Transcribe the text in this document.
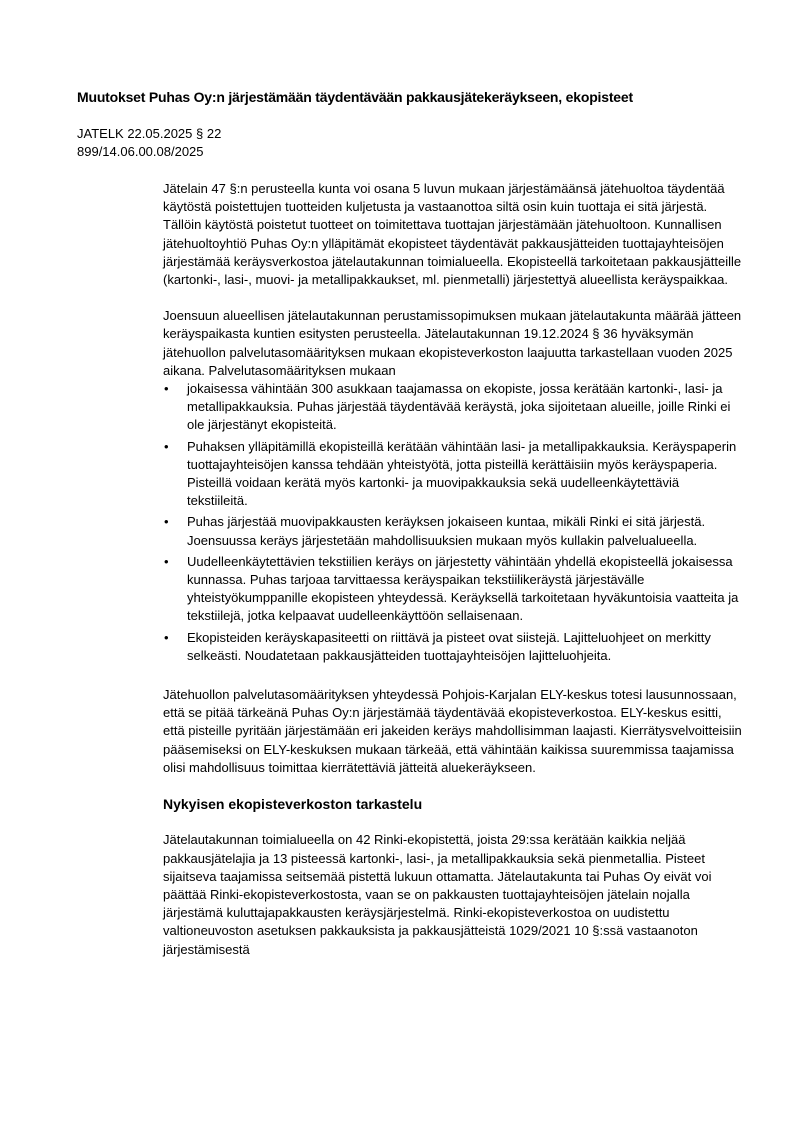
Muutokset Puhas Oy:n järjestämään täydentävään pakkausjätekeräykseen, ekopisteet
JATELK 22.05.2025 § 22
899/14.06.00.08/2025

Jätelain 47 §:n perusteella kunta voi osana 5 luvun mukaan järjestämäänsä jätehuoltoa täydentää käytöstä poistettujen tuotteiden kuljetusta ja vastaanottoa siltä osin kuin tuottaja ei sitä järjestä. Tällöin käytöstä poistetut tuotteet on toimitettava tuottajan järjestämään jätehuoltoon. Kunnallisen jätehuoltoyhtiö Puhas Oy:n ylläpitämät ekopisteet täydentävät pakkausjätteiden tuottajayhteisöjen järjestämää keräysverkostoa jätelautakunnan toimialueella. Ekopisteellä tarkoitetaan pakkausjätteille (kartonki-, lasi-, muovi- ja metallipakkaukset, ml. pienmetalli) järjestettyä alueellista keräyspaikkaa.

Joensuun alueellisen jätelautakunnan perustamissopimuksen mukaan jätelautakunta määrää jätteen keräyspaikasta kuntien esitysten perusteella. Jätelautakunnan 19.12.2024 § 36 hyväksymän jätehuollon palvelutasomäärityksen mukaan ekopisteverkoston laajuutta tarkastellaan vuoden 2025 aikana. Palvelutasomäärityksen mukaan

• jokaisessa vähintään 300 asukkaan taajamassa on ekopiste, jossa kerätään kartonki-, lasi- ja metallipakkauksia. Puhas järjestää täydentävää keräystä, joka sijoitetaan alueille, joille Rinki ei ole järjestänyt ekopisteitä.
• Puhaksen ylläpitämillä ekopisteillä kerätään vähintään lasi- ja metallipakkauksia. Keräyspaperin tuottajayhteisöjen kanssa tehdään yhteistyötä, jotta pisteillä kerättäisiin myös keräyspaperia. Pisteillä voidaan kerätä myös kartonki- ja muovipakkauksia sekä uudelleenkäytettäviä tekstiileitä.
• Puhas järjestää muovipakkausten keräyksen jokaiseen kuntaa, mikäli Rinki ei sitä järjestä. Joensuussa keräys järjestetään mahdollisuuksien mukaan myös kullakin palvelualueella.
• Uudelleenkäytettävien tekstiilien keräys on järjestetty vähintään yhdellä ekopisteellä jokaisessa kunnassa. Puhas tarjoaa tarvittaessa keräyspaikan tekstiilikeräystä järjestävälle yhteistyökumppanille ekopisteen yhteydessä. Keräyksellä tarkoitetaan hyväkuntoisia vaatteita ja tekstiilejä, jotka kelpaavat uudelleenkäyttöön sellaisenaan.
• Ekopisteiden keräyskapasiteetti on riittävä ja pisteet ovat siistejä. Lajitteluohjeet on merkitty selkeästi. Noudatetaan pakkausjätteiden tuottajayhteisöjen lajitteluohjeita.

Jätehuollon palvelutasomäärityksen yhteydessä Pohjois-Karjalan ELY-keskus totesi lausunnossaan, että se pitää tärkeänä Puhas Oy:n järjestämää täydentävää ekopisteverkostoa. ELY-keskus esitti, että pisteille pyritään järjestämään eri jakeiden keräys mahdollisimman laajasti. Kierrätysvelvoitteisiin pääsemiseksi on ELY-keskuksen mukaan tärkeää, että vähintään kaikissa suuremmissa taajamissa olisi mahdollisuus toimittaa kierrätettäviä jätteitä aluekeräykseen.

Nykyisen ekopisteverkoston tarkastelu

Jätelautakunnan toimialueella on 42 Rinki-ekopistettä, joista 29:ssa kerätään kaikkia neljää pakkausjätelajia ja 13 pisteessä kartonki-, lasi-, ja metallipakkauksia sekä pienmetallia. Pisteet sijaitseva taajamissa seitsemää pistettä lukuun ottamatta. Jätelautakunta tai Puhas Oy eivät voi päättää Rinki-ekopisteverkostosta, vaan se on pakkausten tuottajayhteisöjen jätelain nojalla järjestämä kuluttajapakkausten keräysjärjestelmä. Rinki-ekopisteverkostoa on uudistettu valtioneuvoston asetuksen pakkauksista ja pakkausjätteistä 1029/2021 10 §:ssä vastaanoton järjestämisestä
